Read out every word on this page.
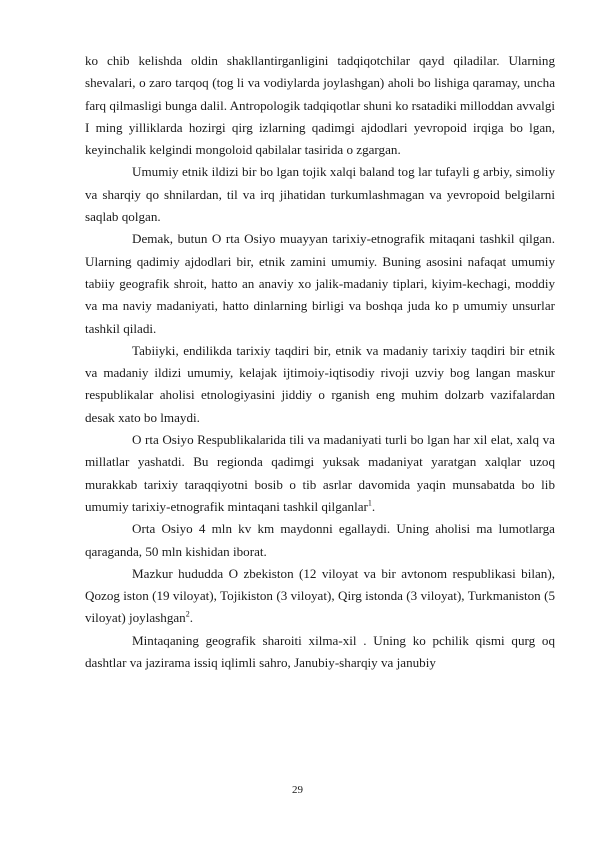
ko chib kelishda oldin shakllantirganligini tadqiqotchilar qayd qiladilar. Ularning shevalari, o zaro tarqoq (tog li va vodiylarda joylashgan) aholi bo lishiga qaramay, uncha farq qilmasligi bunga dalil. Antropologik tadqiqotlar shuni ko rsatadiki milloddan avvalgi I ming yilliklarda hozirgi qirg izlarning qadimgi ajdodlari yevropoid irqiga bo lgan, keyinchalik kelgindi mongoloid qabilalar tasirida o zgargan.

Umumiy etnik ildizi bir bo lgan tojik xalqi baland tog lar tufayli g arbiy, simoliy va sharqiy qo shnilardan, til va irq jihatidan turkumlashmagan va yevropoid belgilarni saqlab qolgan.

Demak, butun O rta Osiyo muayyan tarixiy-etnografik mitaqani tashkil qilgan. Ularning qadimiy ajdodlari bir, etnik zamini umumiy. Buning asosini nafaqat umumiy tabiiy geografik shroit, hatto an anaviy xo jalik-madaniy tiplari, kiyim-kechagi, moddiy va ma naviy madaniyati, hatto dinlarning birligi va boshqa juda ko p umumiy unsurlar tashkil qiladi.

Tabiiyki, endilikda tarixiy taqdiri bir, etnik va madaniy tarixiy taqdiri bir etnik va madaniy ildizi umumiy, kelajak ijtimoiy-iqtisodiy rivoji uzviy bog langan maskur respublikalar aholisi etnologiyasini jiddiy o rganish eng muhim dolzarb vazifalardan desak xato bo lmaydi.

O rta Osiyo Respublikalarida tili va madaniyati turli bo lgan har xil elat, xalq va millatlar yashatdi. Bu regionda qadimgi yuksak madaniyat yaratgan xalqlar uzoq murakkab tarixiy taraqqiyotni bosib o tib asrlar davomida yaqin munsabatda bo lib umumiy tarixiy-etnografik mintaqani tashkil qilganlar$^1$.

Orta Osiyo 4 mln kv km maydonni egallaydi. Uning aholisi ma lumotlarga qaraganda, 50 mln kishidan iborat.

Mazkur hududda O zbekiston (12 viloyat va bir avtonom respublikasi bilan), Qozog iston (19 viloyat), Tojikiston (3 viloyat), Qirg istonda (3 viloyat), Turkmaniston (5 viloyat) joylashgan$^2$.

Mintaqaning geografik sharoiti xilma-xil . Uning ko pchilik qismi qurg oq dashtlar va jazirama issiq iqlimli sahro, Janubiy-sharqiy va janubiy

29
